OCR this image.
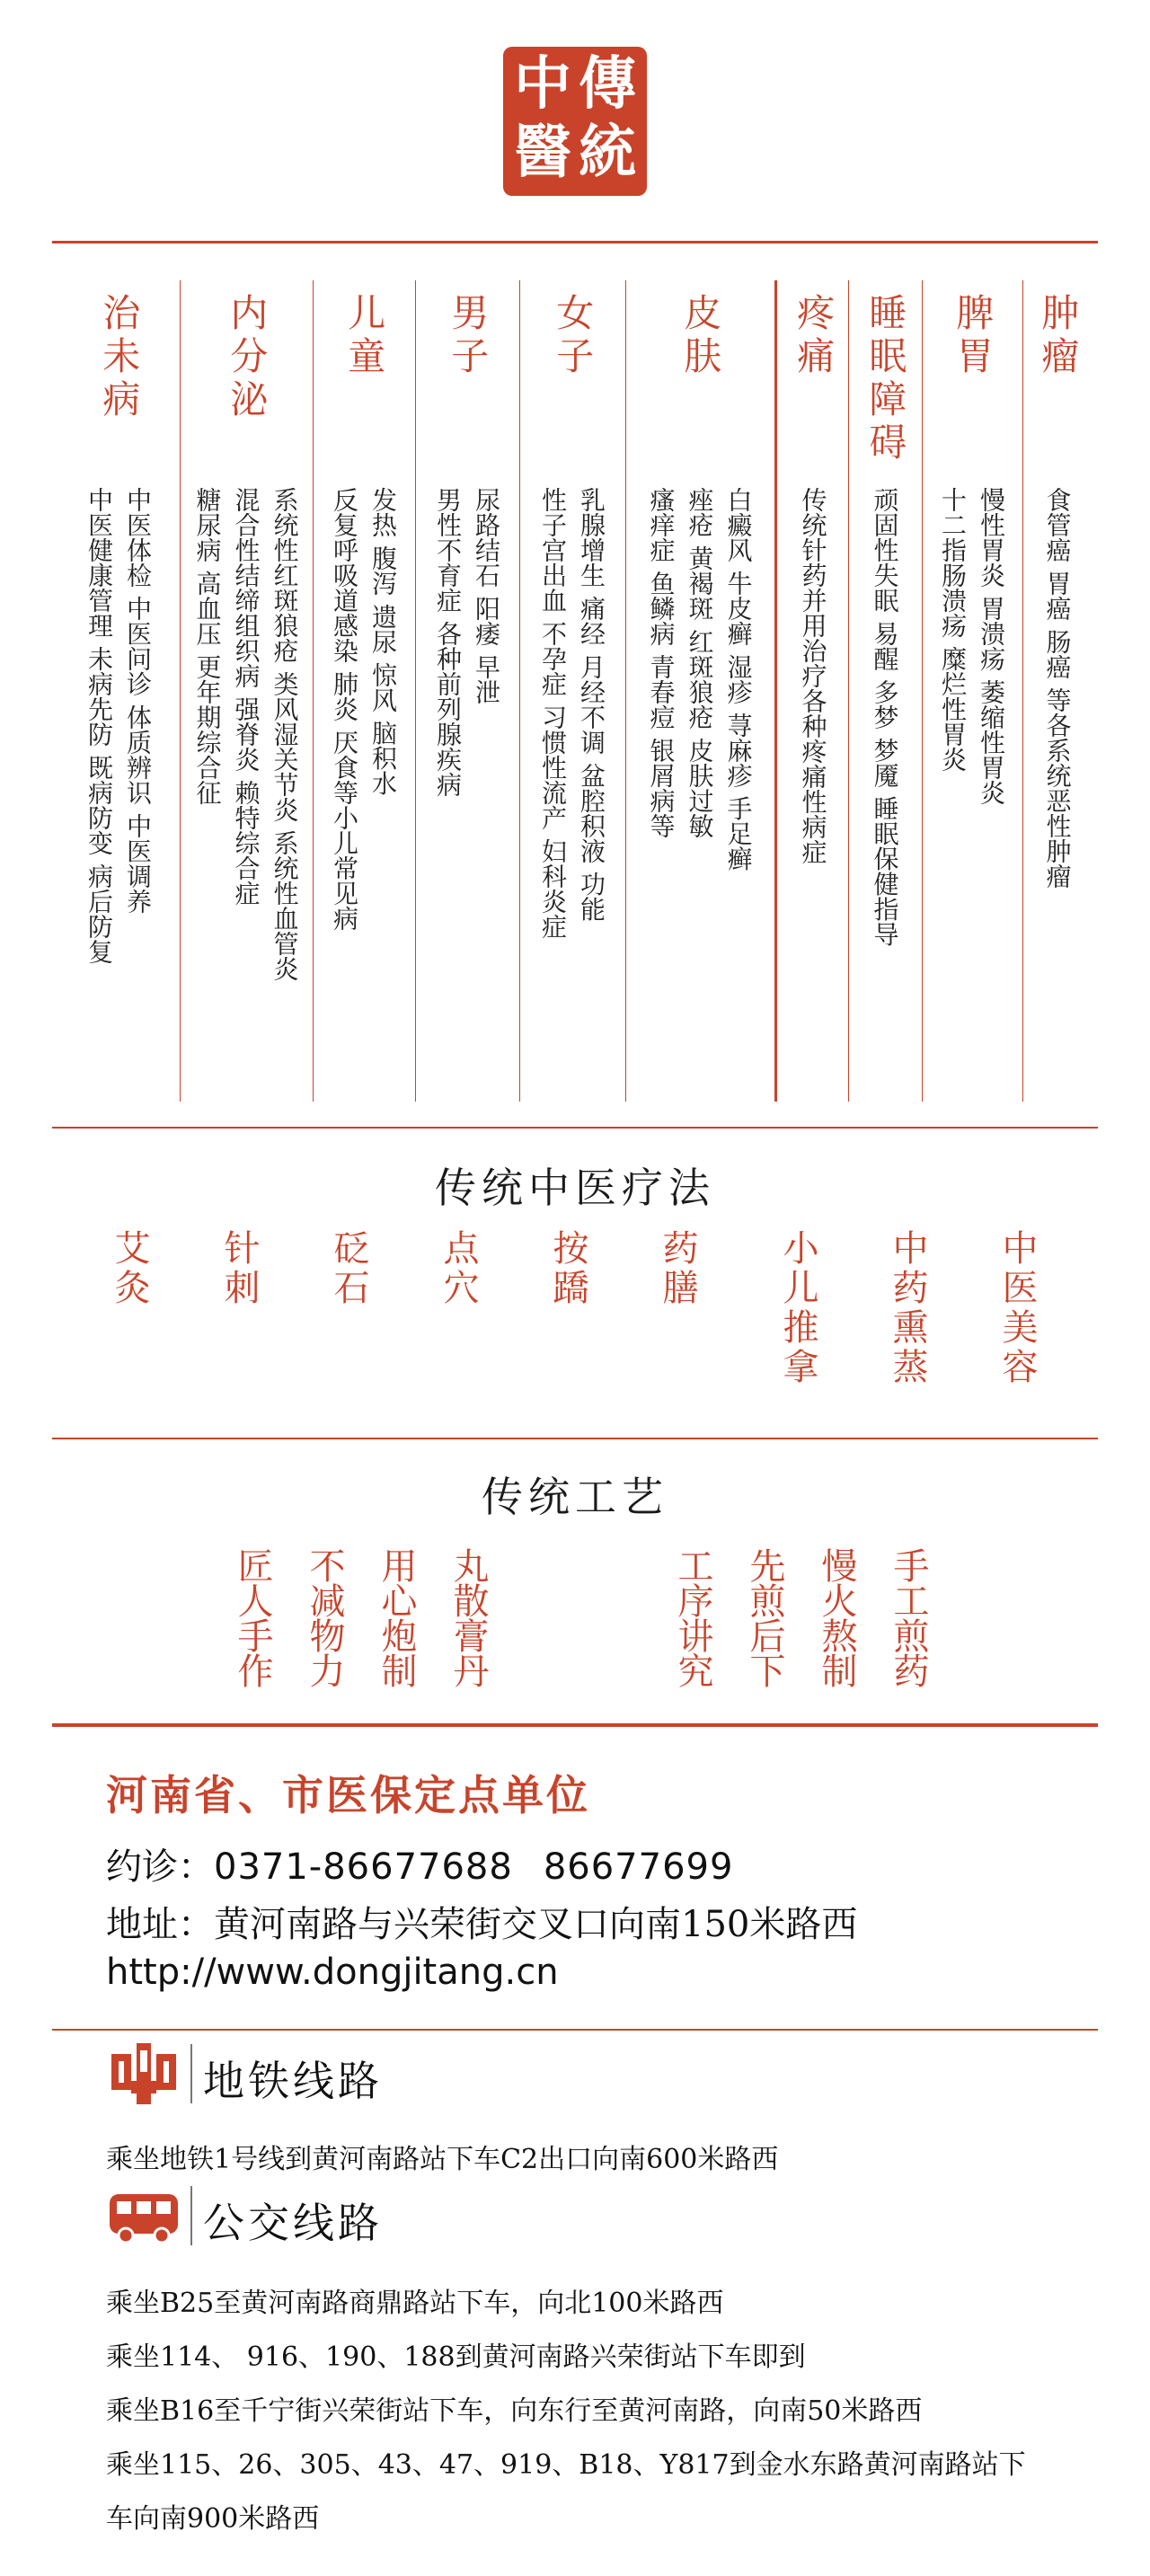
傳
統
中
醫
治未病
中医体检 中医问诊 体质辨识 中医调养
中医健康管理 未病先防 既病防变 病后防复
内分泌
系统性红斑狼疮 类风湿关节炎 系统性血管炎
混合性结缔组织病 强脊炎 赖特综合症
糖尿病 高血压 更年期综合征
儿童
发热 腹泻 遗尿 惊风 脑积水
反复呼吸道感染 肺炎 厌食等小儿常见病
男子
尿路结石 阳痿 早泄
男性不育症 各种前列腺疾病
女子
乳腺增生 痛经 月经不调 盆腔积液 功能
性子宫出血 不孕症 习惯性流产 妇科炎症
皮肤
白癜风 牛皮癣 湿疹 荨麻疹 手足癣
痤疮 黄褐斑 红斑狼疮 皮肤过敏
瘙痒症 鱼鳞病 青春痘 银屑病等
疼痛
传统针药并用治疗各种疼痛性病症
睡眠障碍
顽固性失眠 易醒 多梦 梦魇 睡眠保健指导
脾胃
慢性胃炎 胃溃疡 萎缩性胃炎
十二指肠溃疡 糜烂性胃炎
肿瘤
食管癌 胃癌 肠癌 等各系统恶性肿瘤
传统中医疗法
艾灸 针刺 砭石 点穴 按蹻 药膳 小儿推拿 中药熏蒸 中医美容
传统工艺
手工煎药
慢火熬制
先煎后下
工序讲究
丸散膏丹
用心炮制
不减物力
匠人手作
河南省、市医保定点单位
约诊：0371-86677688 86677699
地址：黄河南路与兴荣街交叉口向南150米路西
http://www.dongjitang.cn
地铁线路
乘坐地铁1号线到黄河南路站下车C2出口向南600米路西
公交线路
乘坐B25至黄河南路商鼎路站下车，向北100米路西
乘坐114、 916、190、188到黄河南路兴荣街站下车即到
乘坐B16至千宁街兴荣街站下车，向东行至黄河南路，向南50米路西
乘坐115、26、305、43、47、919、B18、Y817到金水东路黄河南路站下
车向南900米路西
